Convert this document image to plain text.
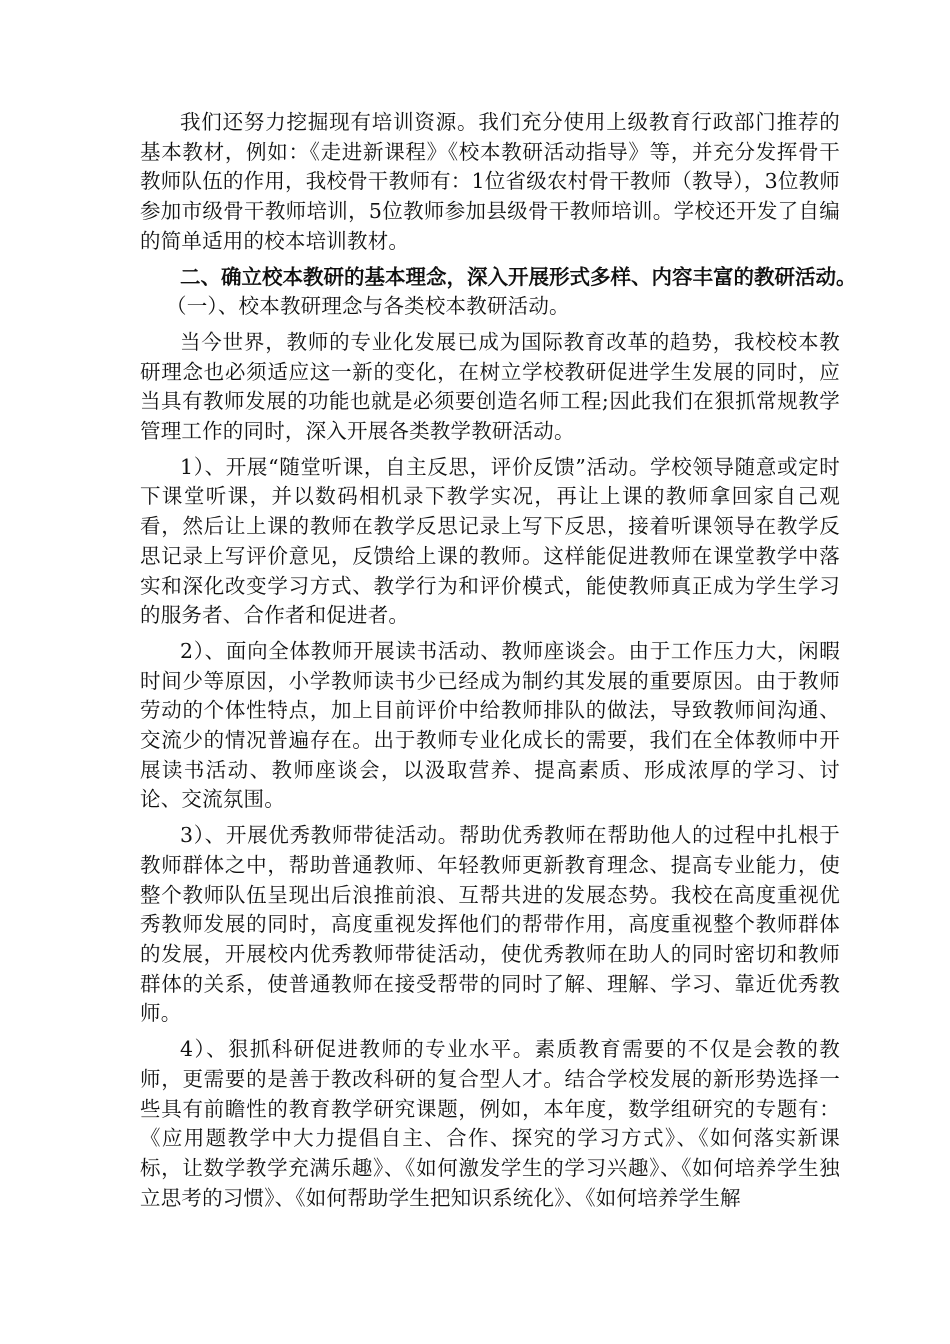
我们还努力挖掘现有培训资源。我们充分使用上级教育行政部门推荐的基本教材，例如：《走进新课程》《校本教研活动指导》等，并充分发挥骨干教师队伍的作用，我校骨干教师有：1位省级农村骨干教师（教导），3位教师参加市级骨干教师培训，5位教师参加县级骨干教师培训。学校还开发了自编的简单适用的校本培训教材。

二、确立校本教研的基本理念，深入开展形式多样、内容丰富的教研活动。

（一）、校本教研理念与各类校本教研活动。

当今世界，教师的专业化发展已成为国际教育改革的趋势，我校校本教研理念也必须适应这一新的变化，在树立学校教研促进学生发展的同时，应当具有教师发展的功能也就是必须要创造名师工程;因此我们在狠抓常规教学管理工作的同时，深入开展各类教学教研活动。

1）、开展“随堂听课，自主反思，评价反馈”活动。学校领导随意或定时下课堂听课，并以数码相机录下教学实况，再让上课的教师拿回家自己观看，然后让上课的教师在教学反思记录上写下反思，接着听课领导在教学反思记录上写评价意见，反馈给上课的教师。这样能促进教师在课堂教学中落实和深化改变学习方式、教学行为和评价模式，能使教师真正成为学生学习的服务者、合作者和促进者。

2）、面向全体教师开展读书活动、教师座谈会。由于工作压力大，闲暇时间少等原因，小学教师读书少已经成为制约其发展的重要原因。由于教师劳动的个体性特点，加上目前评价中给教师排队的做法，导致教师间沟通、交流少的情况普遍存在。出于教师专业化成长的需要，我们在全体教师中开展读书活动、教师座谈会，以汲取营养、提高素质、形成浓厚的学习、讨论、交流氛围。

3）、开展优秀教师带徒活动。帮助优秀教师在帮助他人的过程中扎根于教师群体之中，帮助普通教师、年轻教师更新教育理念、提高专业能力，使整个教师队伍呈现出后浪推前浪、互帮共进的发展态势。我校在高度重视优秀教师发展的同时，高度重视发挥他们的帮带作用，高度重视整个教师群体的发展，开展校内优秀教师带徒活动，使优秀教师在助人的同时密切和教师群体的关系，使普通教师在接受帮带的同时了解、理解、学习、靠近优秀教师。

4）、狠抓科研促进教师的专业水平。素质教育需要的不仅是会教的教师，更需要的是善于教改科研的复合型人才。结合学校发展的新形势选择一些具有前瞻性的教育教学研究课题，例如，本年度，数学组研究的专题有：《应用题教学中大力提倡自主、合作、探究的学习方式》、《如何落实新课标，让数学教学充满乐趣》、《如何激发学生的学习兴趣》、《如何培养学生独立思考的习惯》、《如何帮助学生把知识系统化》、《如何培养学生解
